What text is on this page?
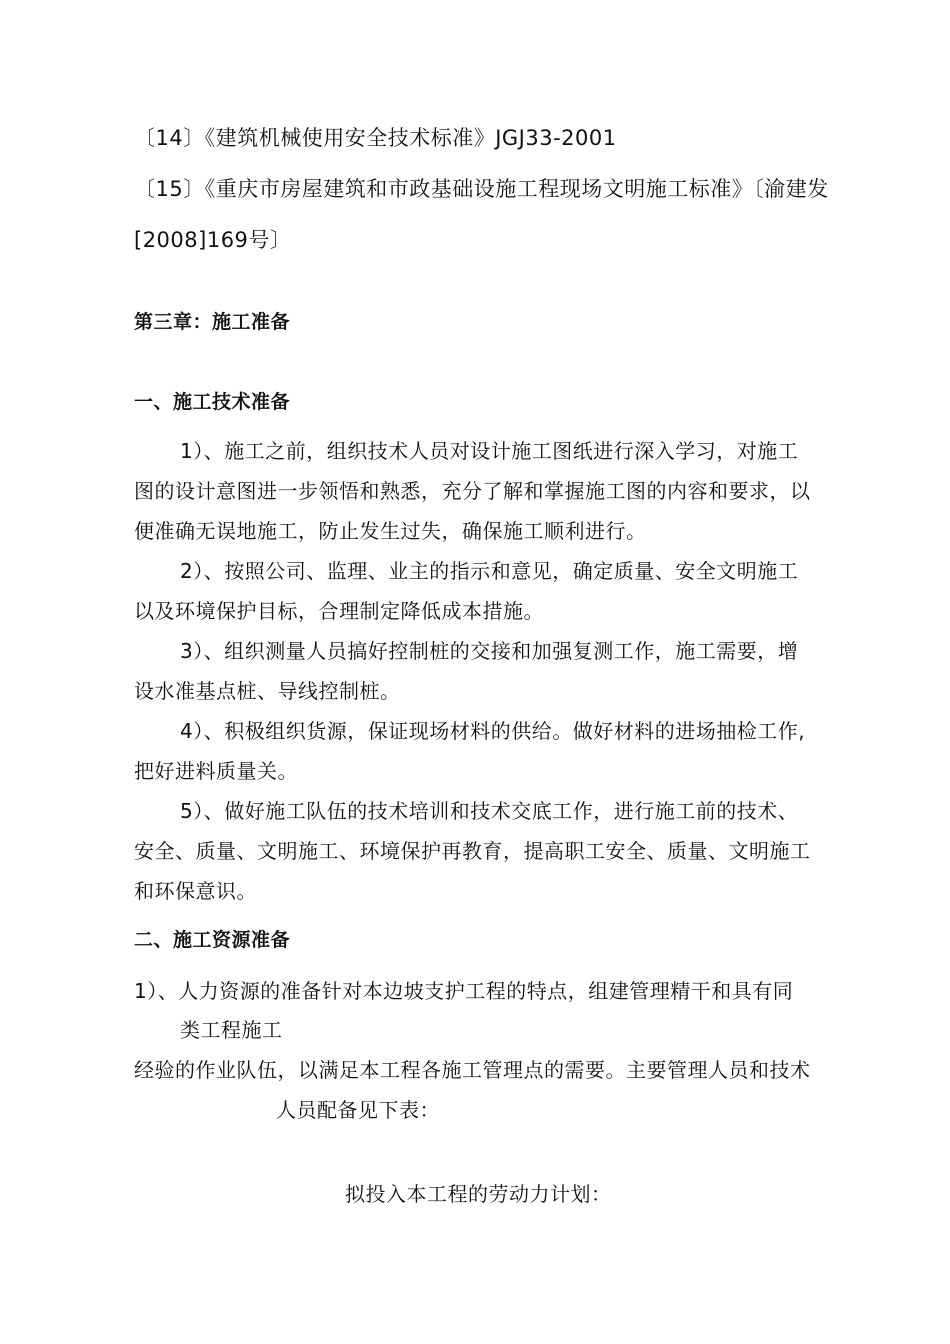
〔14〕《建筑机械使用安全技术标准》JGJ33-2001

〔15〕《重庆市房屋建筑和市政基础设施工程现场文明施工标准》〔渝建发

[2008]169号〕

第三章：施工准备

一、施工技术准备

1）、施工之前，组织技术人员对设计施工图纸进行深入学习，对施工

图的设计意图进一步领悟和熟悉，充分了解和掌握施工图的内容和要求，以

便准确无误地施工，防止发生过失，确保施工顺利进行。

2）、按照公司、监理、业主的指示和意见，确定质量、安全文明施工

以及环境保护目标，合理制定降低成本措施。

3）、组织测量人员搞好控制桩的交接和加强复测工作，施工需要，增

设水准基点桩、导线控制桩。

4）、积极组织货源，保证现场材料的供给。做好材料的进场抽检工作,

把好进料质量关。

5）、做好施工队伍的技术培训和技术交底工作，进行施工前的技术、

安全、质量、文明施工、环境保护再教育，提高职工安全、质量、文明施工

和环保意识。

二、施工资源准备

1）、人力资源的准备针对本边坡支护工程的特点，组建管理精干和具有同

类工程施工

经验的作业队伍，以满足本工程各施工管理点的需要。主要管理人员和技术

人员配备见下表：

拟投入本工程的劳动力计划：
